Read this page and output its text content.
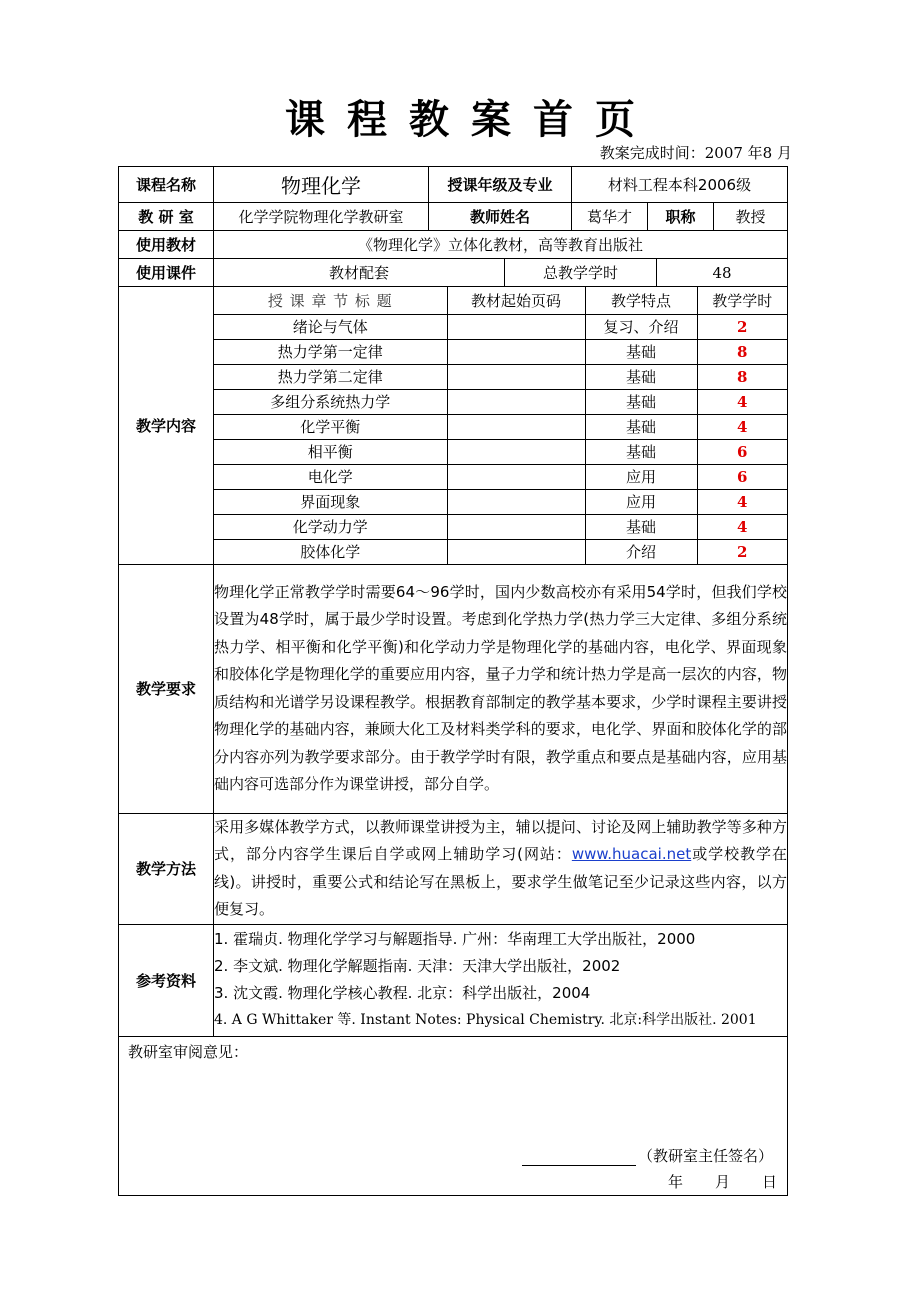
课程教案首页
教案完成时间：2007 年8 月
课程名称	物理化学	授课年级及专业	材料工程本科2006级
教 研 室	化学学院物理化学教研室	教师姓名		葛华才	职称	教授

使用教材	《物理化学》立体化教材，高等教育出版社
使用课件		教材配套	总教学学时	48

教学内容	
授 课 章 节 标 题	教材起始页码	教学特点	教学学时
绪论与气体		复习、介绍	2
热力学第一定律		基础	8
热力学第二定律		基础	8
多组分系统热力学		基础	4
化学平衡		基础	4
相平衡		基础	6
电化学		应用	6
界面现象		应用	4
化学动力学		基础	4
胶体化学		介绍	2

教学要求	物理化学正常教学学时需要64～96学时，国内少数高校亦有采用54学时，但我们学校设置为48学时，属于最少学时设置。考虑到化学热力学(热力学三大定律、多组分系统热力学、相平衡和化学平衡)和化学动力学是物理化学的基础内容，电化学、界面现象和胶体化学是物理化学的重要应用内容，量子力学和统计热力学是高一层次的内容，物质结构和光谱学另设课程教学。根据教育部制定的教学基本要求，少学时课程主要讲授物理化学的基础内容，兼顾大化工及材料类学科的要求，电化学、界面和胶体化学的部分内容亦列为教学要求部分。由于教学学时有限，教学重点和要点是基础内容，应用基础内容可选部分作为课堂讲授，部分自学。
教学方法	采用多媒体教学方式，以教师课堂讲授为主，辅以提问、讨论及网上辅助教学等多种方式，部分内容学生课后自学或网上辅助学习(网站：www.huacai.net或学校教学在线)。讲授时，重要公式和结论写在黑板上，要求学生做笔记至少记录这些内容，以方便复习。
参考资料	
1. 霍瑞贞. 物理化学学习与解题指导. 广州：华南理工大学出版社，2000
2. 李文斌. 物理化学解题指南. 天津：天津大学出版社，2002
3. 沈文霞. 物理化学核心教程. 北京：科学出版社，2004
4. A G Whittaker 等. Instant Notes: Physical Chemistry. 北京:科学出版社. 2001

教研室审阅意见：
（教研室主任签名）
年 月 日
